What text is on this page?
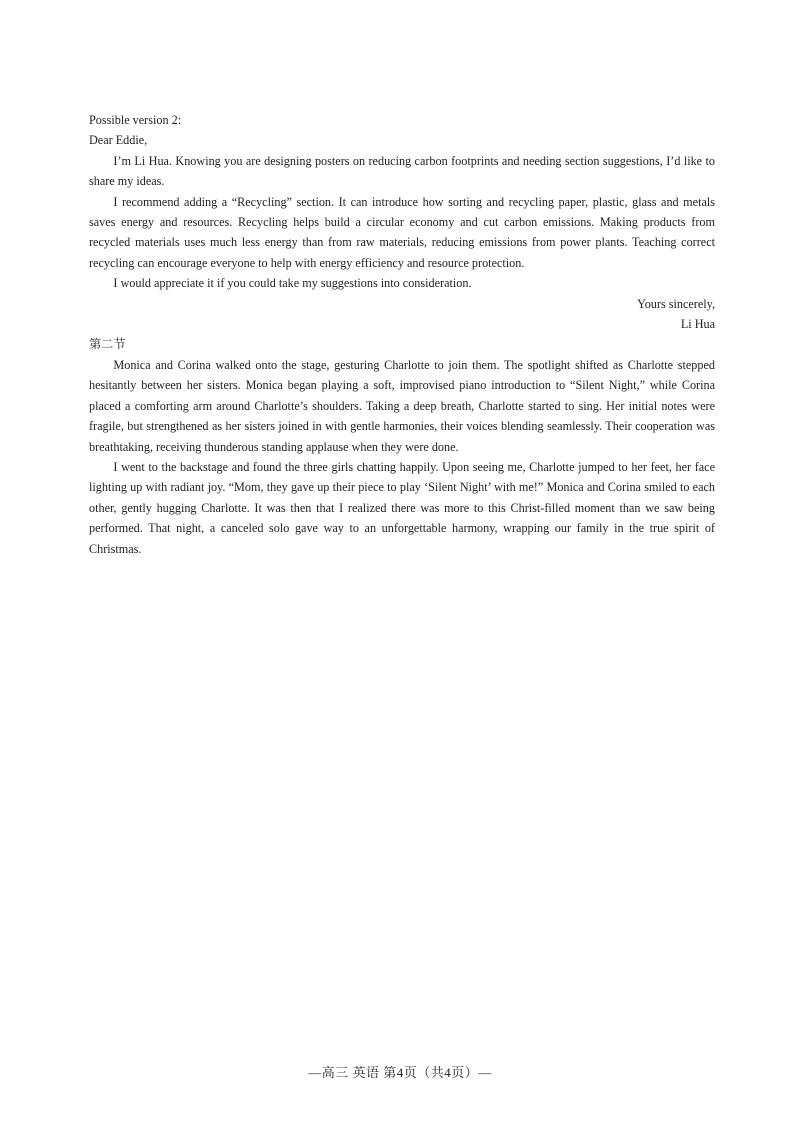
Possible version 2:
Dear Eddie,

I’m Li Hua. Knowing you are designing posters on reducing carbon footprints and needing section suggestions, I’d like to share my ideas.

I recommend adding a “Recycling” section. It can introduce how sorting and recycling paper, plastic, glass and metals saves energy and resources. Recycling helps build a circular economy and cut carbon emissions. Making products from recycled materials uses much less energy than from raw materials, reducing emissions from power plants. Teaching correct recycling can encourage everyone to help with energy efficiency and resource protection.

I would appreciate it if you could take my suggestions into consideration.

Yours sincerely,
Li Hua
第二节

Monica and Corina walked onto the stage, gesturing Charlotte to join them. The spotlight shifted as Charlotte stepped hesitantly between her sisters. Monica began playing a soft, improvised piano introduction to “Silent Night,” while Corina placed a comforting arm around Charlotte’s shoulders. Taking a deep breath, Charlotte started to sing. Her initial notes were fragile, but strengthened as her sisters joined in with gentle harmonies, their voices blending seamlessly. Their cooperation was breathtaking, receiving thunderous standing applause when they were done.

I went to the backstage and found the three girls chatting happily. Upon seeing me, Charlotte jumped to her feet, her face lighting up with radiant joy. “Mom, they gave up their piece to play ‘Silent Night’ with me!” Monica and Corina smiled to each other, gently hugging Charlotte. It was then that I realized there was more to this Christ-filled moment than we saw being performed. That night, a canceled solo gave way to an unforgettable harmony, wrapping our family in the true spirit of Christmas.

—高三 英语 第4页（共4页）—
